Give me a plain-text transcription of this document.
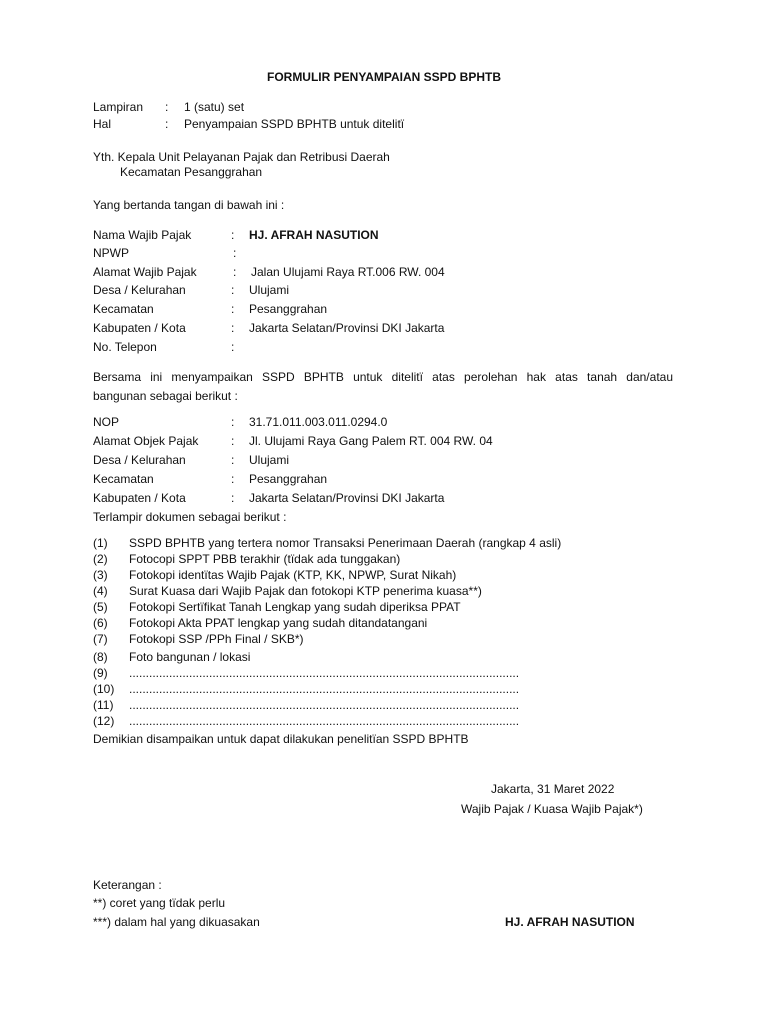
FORMULIR PENYAMPAIAN SSPD BPHTB
Lampiran : 1 (satu) set
Hal	: Penyampaian SSPD BPHTB untuk ditelitï
Yth. Kepala Unit Pelayanan Pajak dan Retribusi Daerah
Kecamatan Pesanggrahan
Yang bertanda tangan di bawah ini :
Nama Wajib Pajak	: HJ. AFRAH NASUTION
NPWP	:
Alamat Wajib Pajak	: Jalan Ulujami Raya RT.006 RW. 004
Desa / Kelurahan	: Ulujami
Kecamatan	: Pesanggrahan
Kabupaten / Kota	: Jakarta Selatan/Provinsi DKI Jakarta
No. Telepon	:
Bersama ini menyampaikan SSPD BPHTB untuk ditelitï atas perolehan hak atas tanah dan/atau
bangunan sebagai berikut :
NOP	: 31.71.011.003.011.0294.0
Alamat Objek Pajak	: Jl. Ulujami Raya Gang Palem RT. 004 RW. 04
Desa / Kelurahan	: Ulujami
Kecamatan	: Pesanggrahan
Kabupaten / Kota	: Jakarta Selatan/Provinsi DKI Jakarta
Terlampir dokumen sebagai berikut :
(1) SSPD BPHTB yang tertera nomor Transaksi Penerimaan Daerah (rangkap 4 asli)
(2) Fotocopi SPPT PBB terakhir (tïdak ada tunggakan)
(3) Fotokopi identïtas Wajib Pajak (KTP, KK, NPWP, Surat Nikah)
(4) Surat Kuasa dari Wajib Pajak dan fotokopi KTP penerima kuasa**)
(5) Fotokopi Sertïfikat Tanah Lengkap yang sudah diperiksa PPAT
(6) Fotokopi Akta PPAT lengkap yang sudah ditandatangani
(7) Fotokopi SSP /PPh Final / SKB*)
(8) Foto bangunan / lokasi
(9) .....................................................................................................................
(10) .....................................................................................................................
(11) .....................................................................................................................
(12) .....................................................................................................................
Demikian disampaikan untuk dapat dilakukan penelitïan SSPD BPHTB
Jakarta, 31 Maret 2022
Wajib Pajak / Kuasa Wajib Pajak*)
Keterangan :
**) coret yang tïdak perlu
***) dalam hal yang dikuasakan	HJ. AFRAH NASUTION
